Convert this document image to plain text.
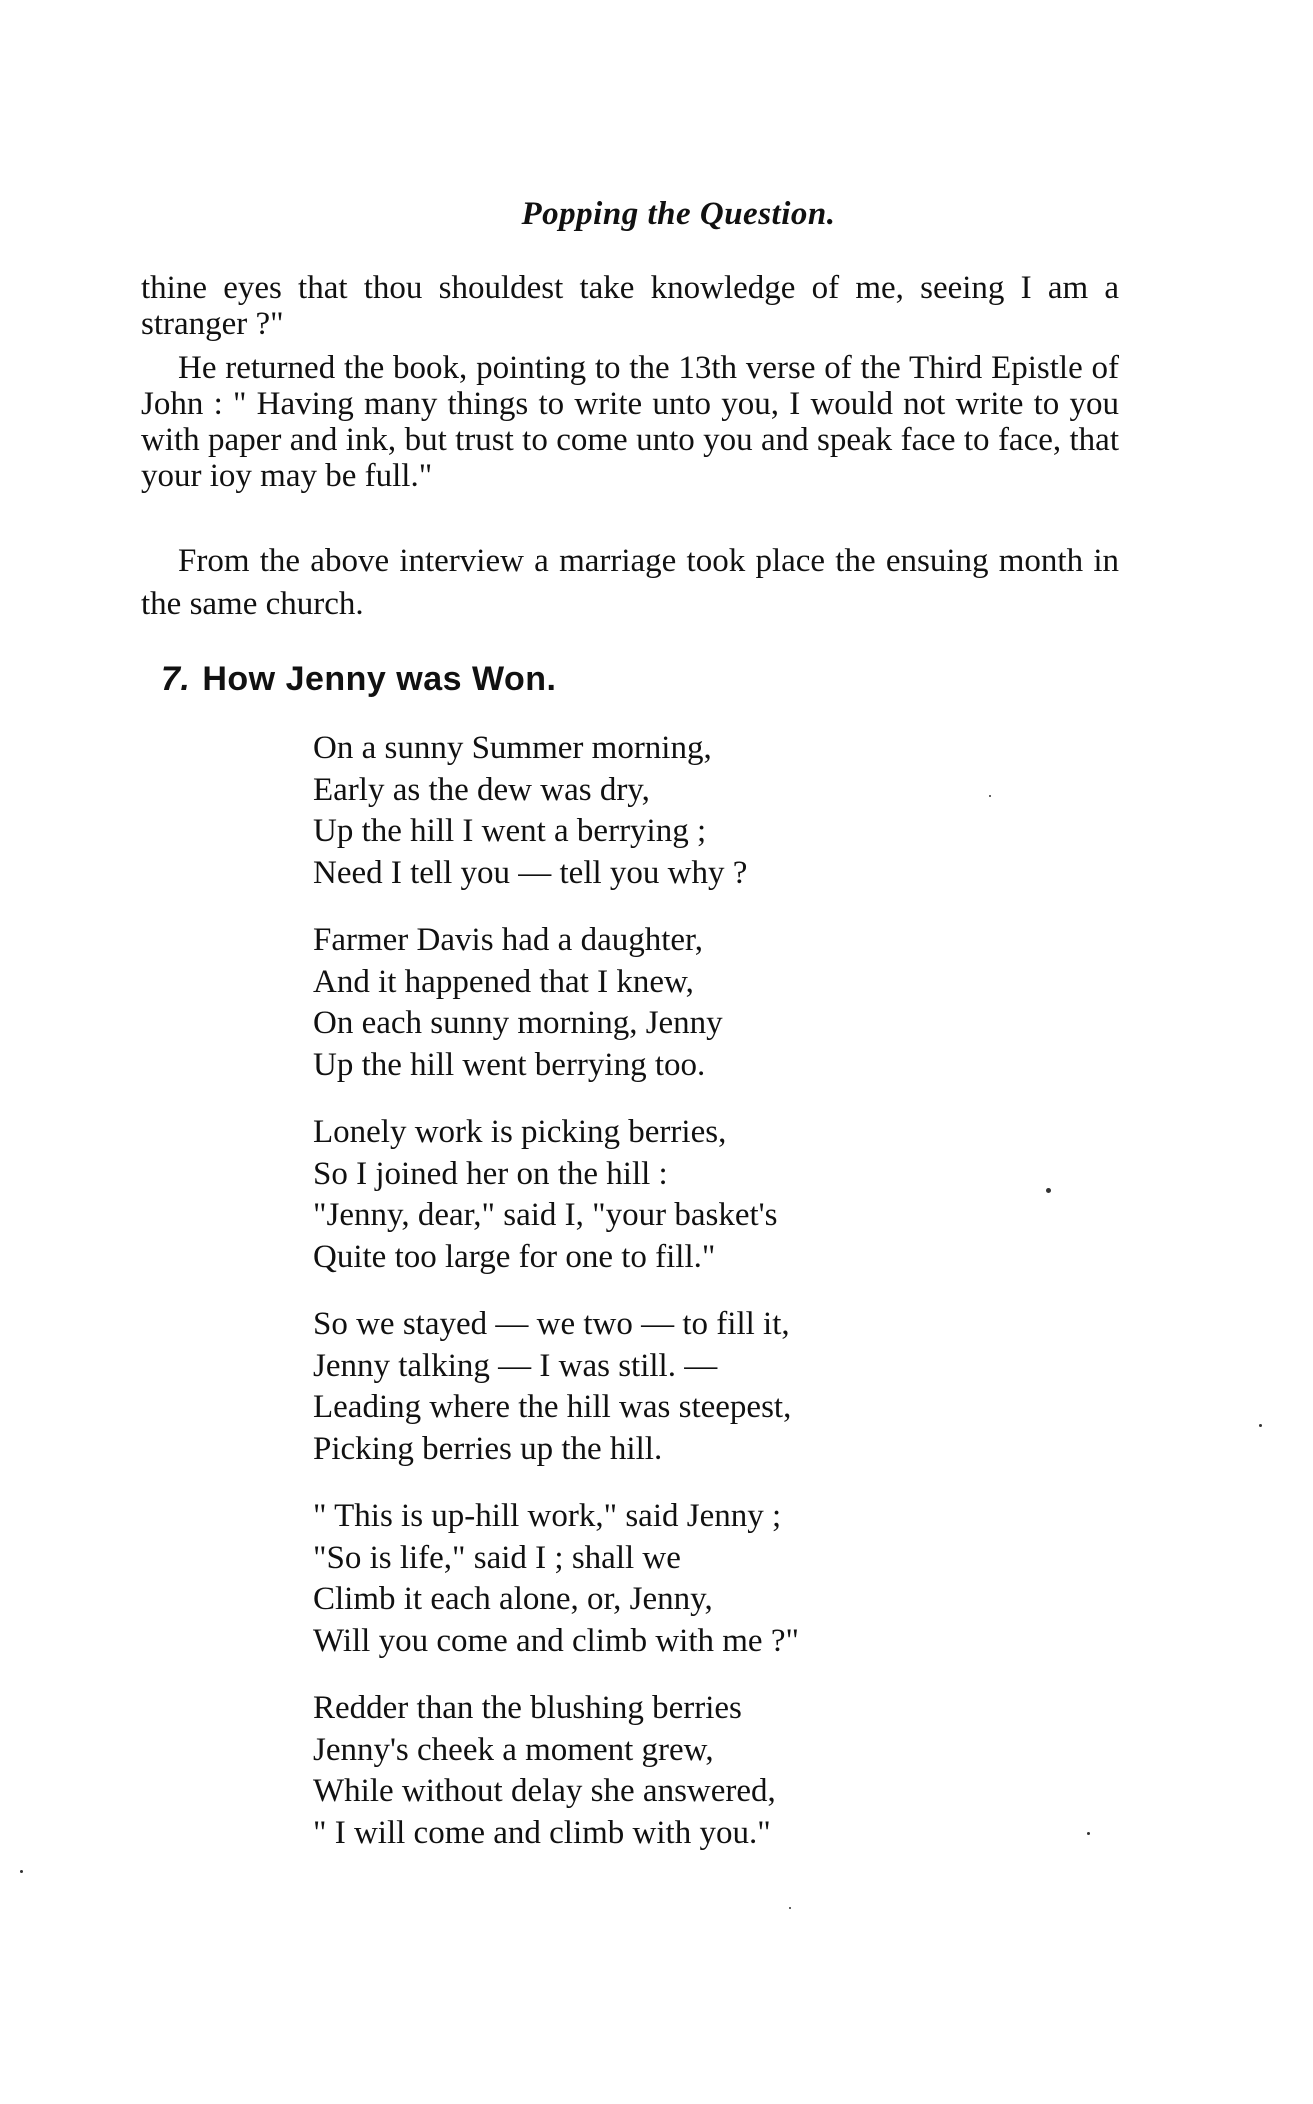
Popping the Question.

thine eyes that thou shouldest take knowledge of me, seeing I am a stranger ?"

He returned the book, pointing to the 13th verse of the Third Epistle of John : " Having many things to write unto you, I would not write to you with paper and ink, but trust to come unto you and speak face to face, that your ioy may be full."

From the above interview a marriage took place the ensuing month in the same church.

7. How Jenny was Won.
On a sunny Summer morning,
Early as the dew was dry,
Up the hill I went a berrying ;
Need I tell you — tell you why ?
Farmer Davis had a daughter,
And it happened that I knew,
On each sunny morning, Jenny
Up the hill went berrying too.
Lonely work is picking berries,
So I joined her on the hill :
"Jenny, dear," said I, "your basket's
Quite too large for one to fill."
So we stayed — we two — to fill it,
Jenny talking — I was still. —
Leading where the hill was steepest,
Picking berries up the hill.
" This is up-hill work," said Jenny ;
"So is life," said I ; shall we
Climb it each alone, or, Jenny,
Will you come and climb with me ?"
Redder than the blushing berries
Jenny's cheek a moment grew,
While without delay she answered,
" I will come and climb with you."
